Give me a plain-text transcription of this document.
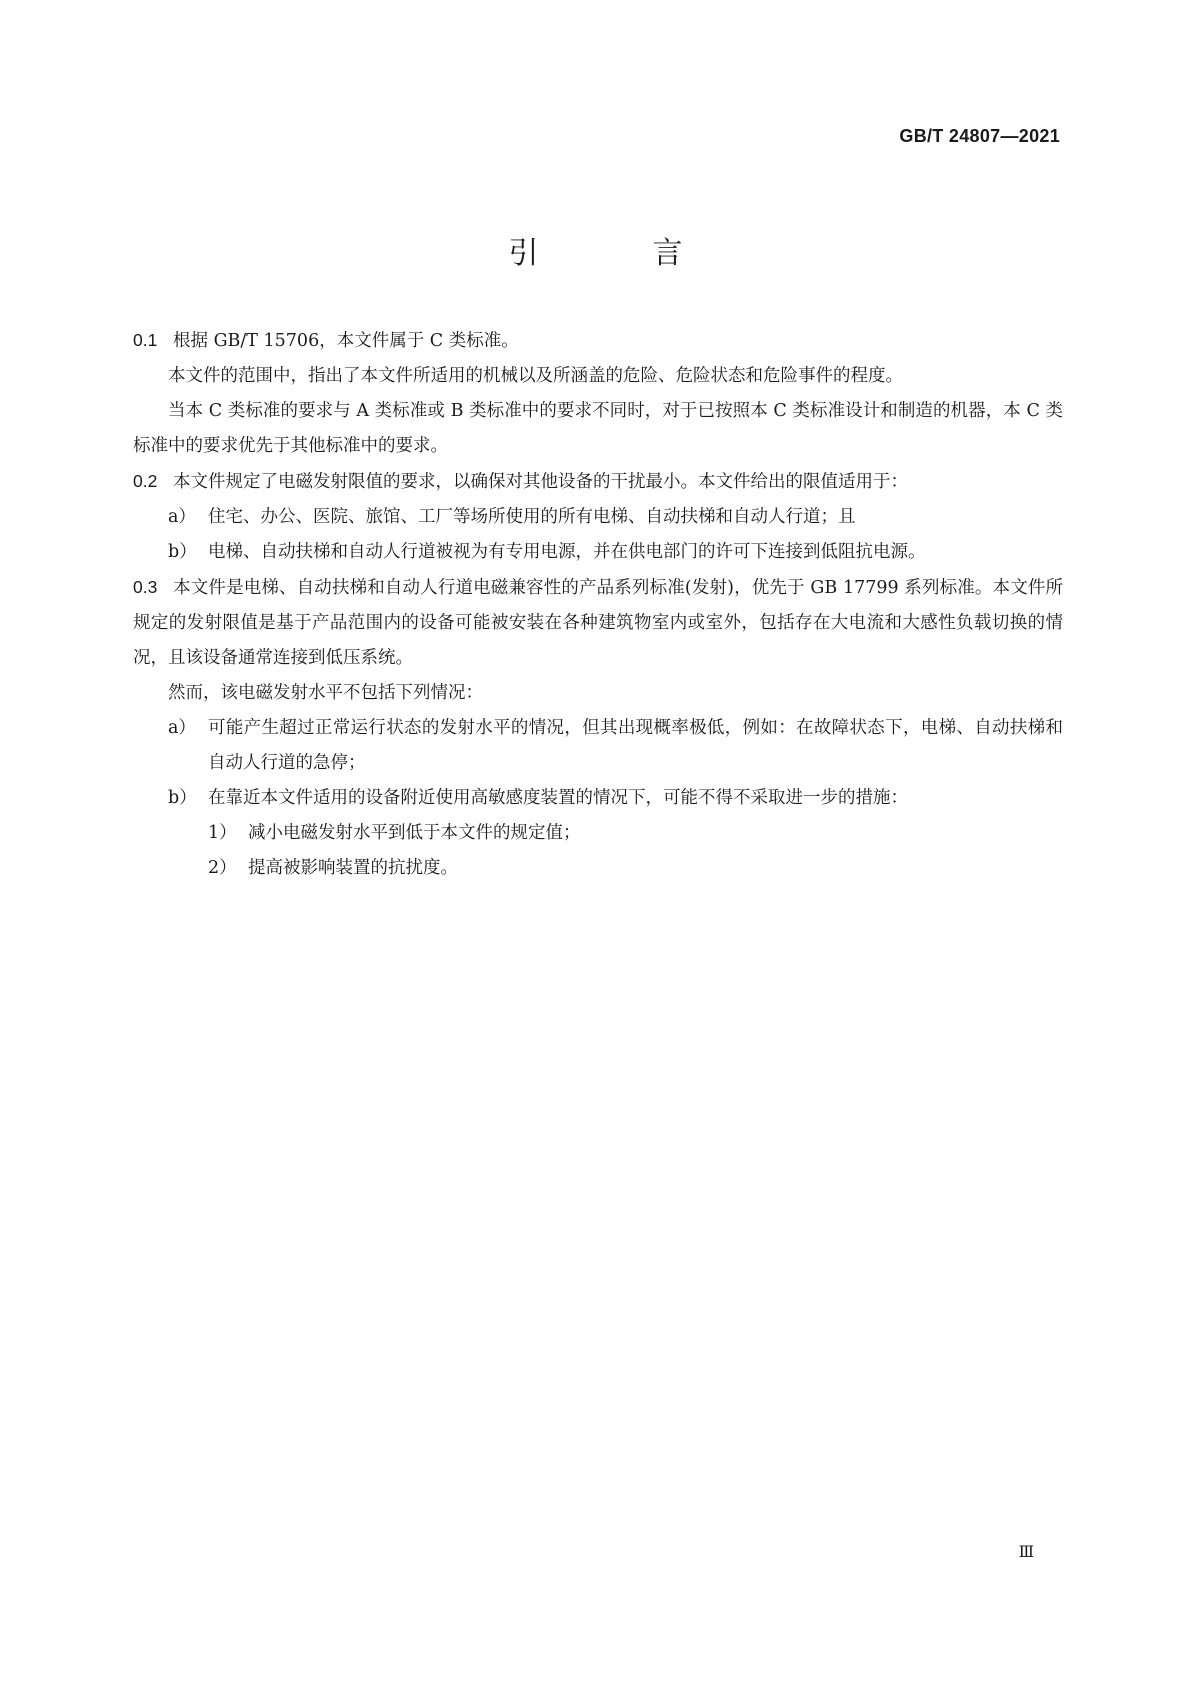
GB/T 24807—2021
引　言

0.1 根据 GB/T 15706，本文件属于 C 类标准。

本文件的范围中，指出了本文件所适用的机械以及所涵盖的危险、危险状态和危险事件的程度。

当本 C 类标准的要求与 A 类标准或 B 类标准中的要求不同时，对于已按照本 C 类标准设计和制造的机器，本 C 类标准中的要求优先于其他标准中的要求。

0.2 本文件规定了电磁发射限值的要求，以确保对其他设备的干扰最小。本文件给出的限值适用于：

a） 住宅、办公、医院、旅馆、工厂等场所使用的所有电梯、自动扶梯和自动人行道；且
b） 电梯、自动扶梯和自动人行道被视为有专用电源，并在供电部门的许可下连接到低阻抗电源。

0.3 本文件是电梯、自动扶梯和自动人行道电磁兼容性的产品系列标准(发射)，优先于 GB 17799 系列标准。本文件所规定的发射限值是基于产品范围内的设备可能被安装在各种建筑物室内或室外，包括存在大电流和大感性负载切换的情况，且该设备通常连接到低压系统。

然而，该电磁发射水平不包括下列情况：

a） 可能产生超过正常运行状态的发射水平的情况，但其出现概率极低，例如：在故障状态下，电梯、自动扶梯和自动人行道的急停；
b） 在靠近本文件适用的设备附近使用高敏感度装置的情况下，可能不得不采取进一步的措施：
1） 减小电磁发射水平到低于本文件的规定值；
2） 提高被影响装置的抗扰度。
Ⅲ
